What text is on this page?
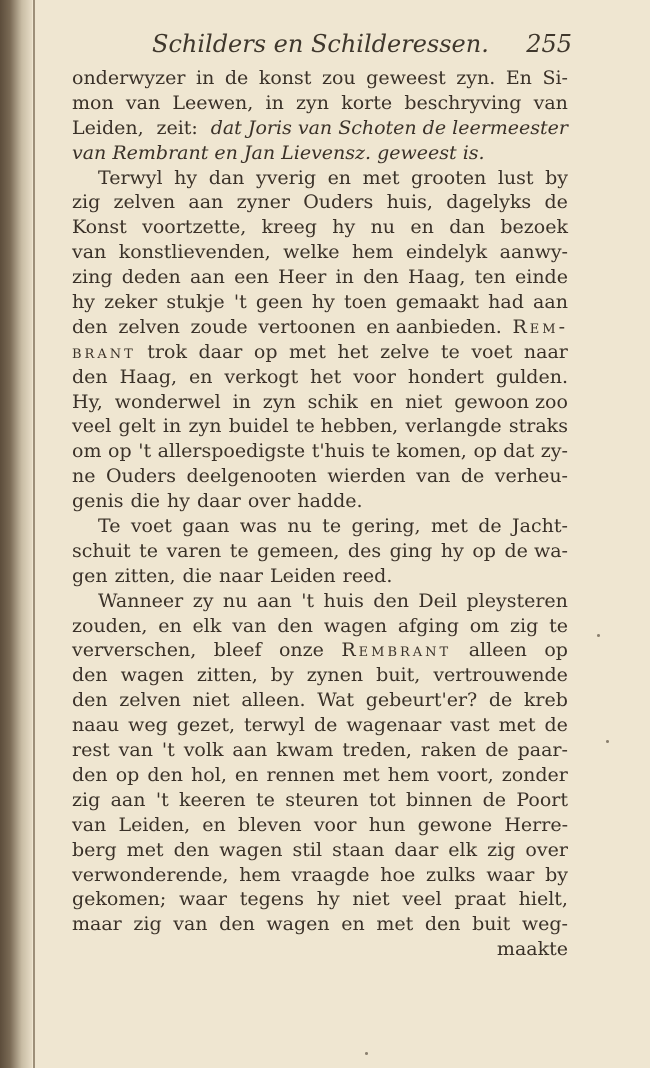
Schilders en Schilderessen. 255
onderwyzer in de konst zou geweest zyn. En Si-
mon van Leewen, in zyn korte beschryving van
Leiden, zeit: dat Joris van Schoten de leermeester
van Rembrant en Jan Lievensz. geweest is.
Terwyl hy dan yverig en met grooten lust by
zig zelven aan zyner Ouders huis, dagelyks de
Konst voortzette, kreeg hy nu en dan bezoek
van konstlievenden, welke hem eindelyk aanwy-
zing deden aan een Heer in den Haag, ten einde
hy zeker stukje 't geen hy toen gemaakt had aan
den zelven zoude vertoonen en aanbieden. Rem-
brant trok daar op met het zelve te voet naar
den Haag, en verkogt het voor hondert gulden.
Hy, wonderwel in zyn schik en niet gewoon zoo
veel gelt in zyn buidel te hebben, verlangde straks
om op 't allerspoedigste t'huis te komen, op dat zy-
ne Ouders deelgenooten wierden van de verheu-
genis die hy daar over hadde.
Te voet gaan was nu te gering, met de Jacht-
schuit te varen te gemeen, des ging hy op de wa-
gen zitten, die naar Leiden reed.
Wanneer zy nu aan 't huis den Deil pleysteren
zouden, en elk van den wagen afging om zig te
ververschen, bleef onze Rembrant alleen op
den wagen zitten, by zynen buit, vertrouwende
den zelven niet alleen. Wat gebeurt'er? de kreb
naau weg gezet, terwyl de wagenaar vast met de
rest van 't volk aan kwam treden, raken de paar-
den op den hol, en rennen met hem voort, zonder
zig aan 't keeren te steuren tot binnen de Poort
van Leiden, en bleven voor hun gewone Herre-
berg met den wagen stil staan daar elk zig over
verwonderende, hem vraagde hoe zulks waar by
gekomen; waar tegens hy niet veel praat hielt,
maar zig van den wagen en met den buit weg-
maakte
